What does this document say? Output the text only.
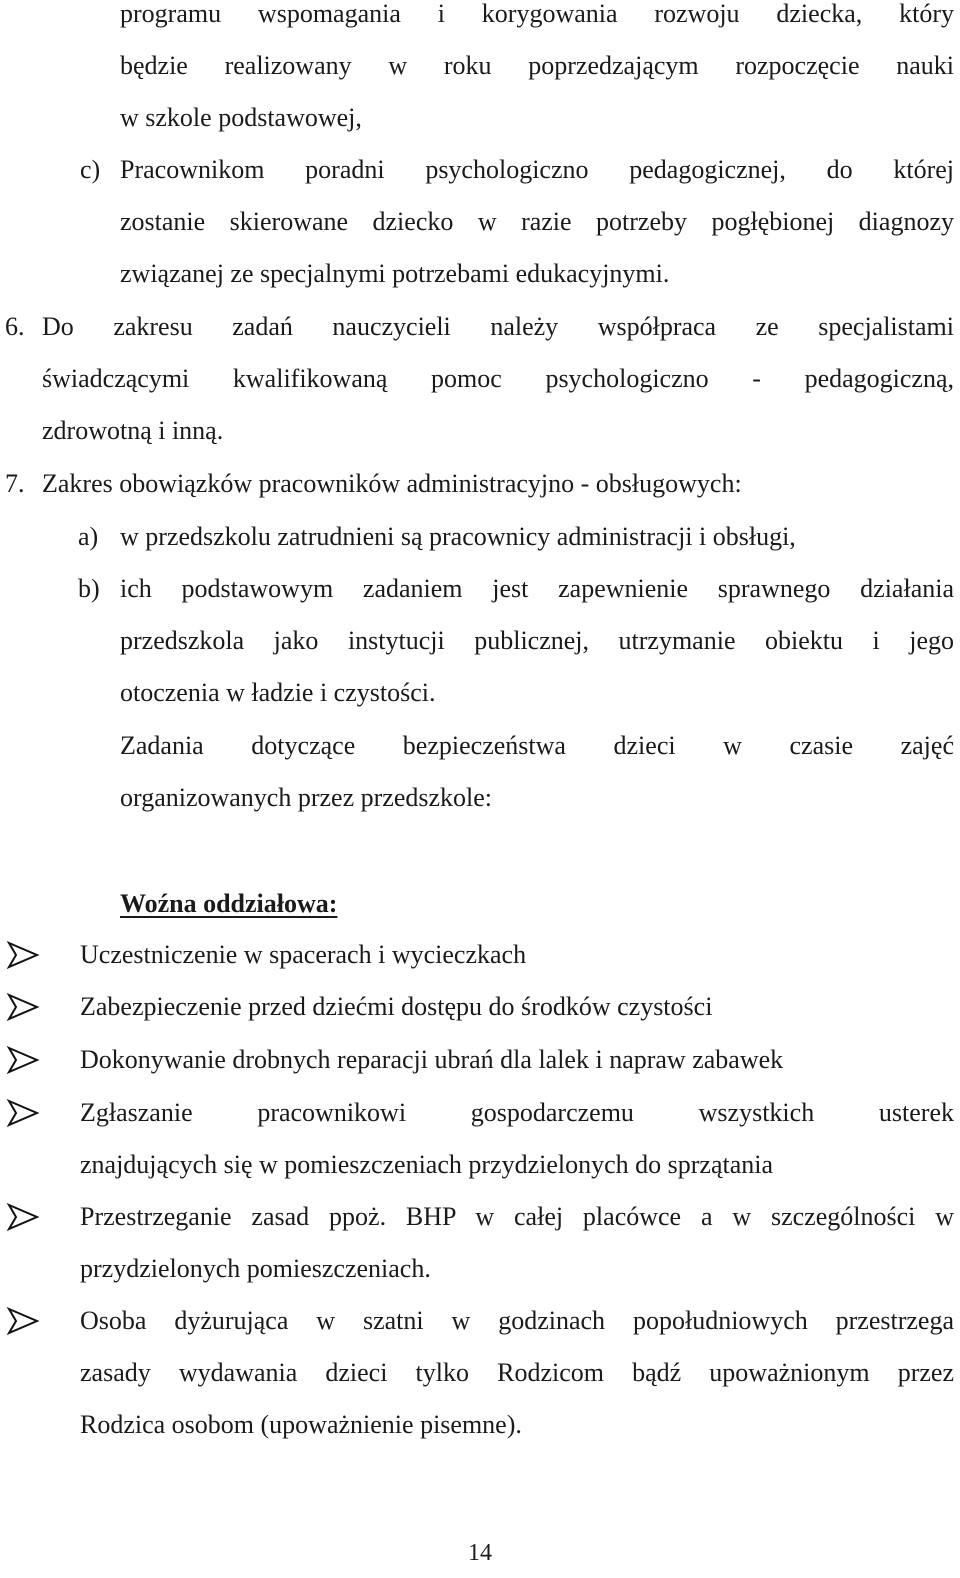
programu wspomagania i korygowania rozwoju dziecka, który
będzie realizowany w roku poprzedzającym rozpoczęcie nauki
w szkole podstawowej,
c) Pracownikom poradni psychologiczno pedagogicznej, do której
zostanie skierowane dziecko w razie potrzeby pogłębionej diagnozy
związanej ze specjalnymi potrzebami edukacyjnymi.
6. Do zakresu zadań nauczycieli należy współpraca ze specjalistami
świadczącymi kwalifikowaną pomoc psychologiczno - pedagogiczną,
zdrowotną i inną.
7. Zakres obowiązków pracowników administracyjno - obsługowych:
a) w przedszkolu zatrudnieni są pracownicy administracji i obsługi,
b) ich podstawowym zadaniem jest zapewnienie sprawnego działania
przedszkola jako instytucji publicznej, utrzymanie obiektu i jego
otoczenia w ładzie i czystości.
Zadania dotyczące bezpieczeństwa dzieci w czasie zajęć
organizowanych przez przedszkole:
Woźna oddziałowa:
Uczestniczenie w spacerach i wycieczkach
Zabezpieczenie przed dziećmi dostępu do środków czystości
Dokonywanie drobnych reparacji ubrań dla lalek i napraw zabawek
Zgłaszanie pracownikowi gospodarczemu wszystkich usterek
znajdujących się w pomieszczeniach przydzielonych do sprzątania
Przestrzeganie zasad ppoż. BHP w całej placówce a w szczególności w
przydzielonych pomieszczeniach.
Osoba dyżurująca w szatni w godzinach popołudniowych przestrzega
zasady wydawania dzieci tylko Rodzicom bądź upoważnionym przez
Rodzica osobom (upoważnienie pisemne).
14
